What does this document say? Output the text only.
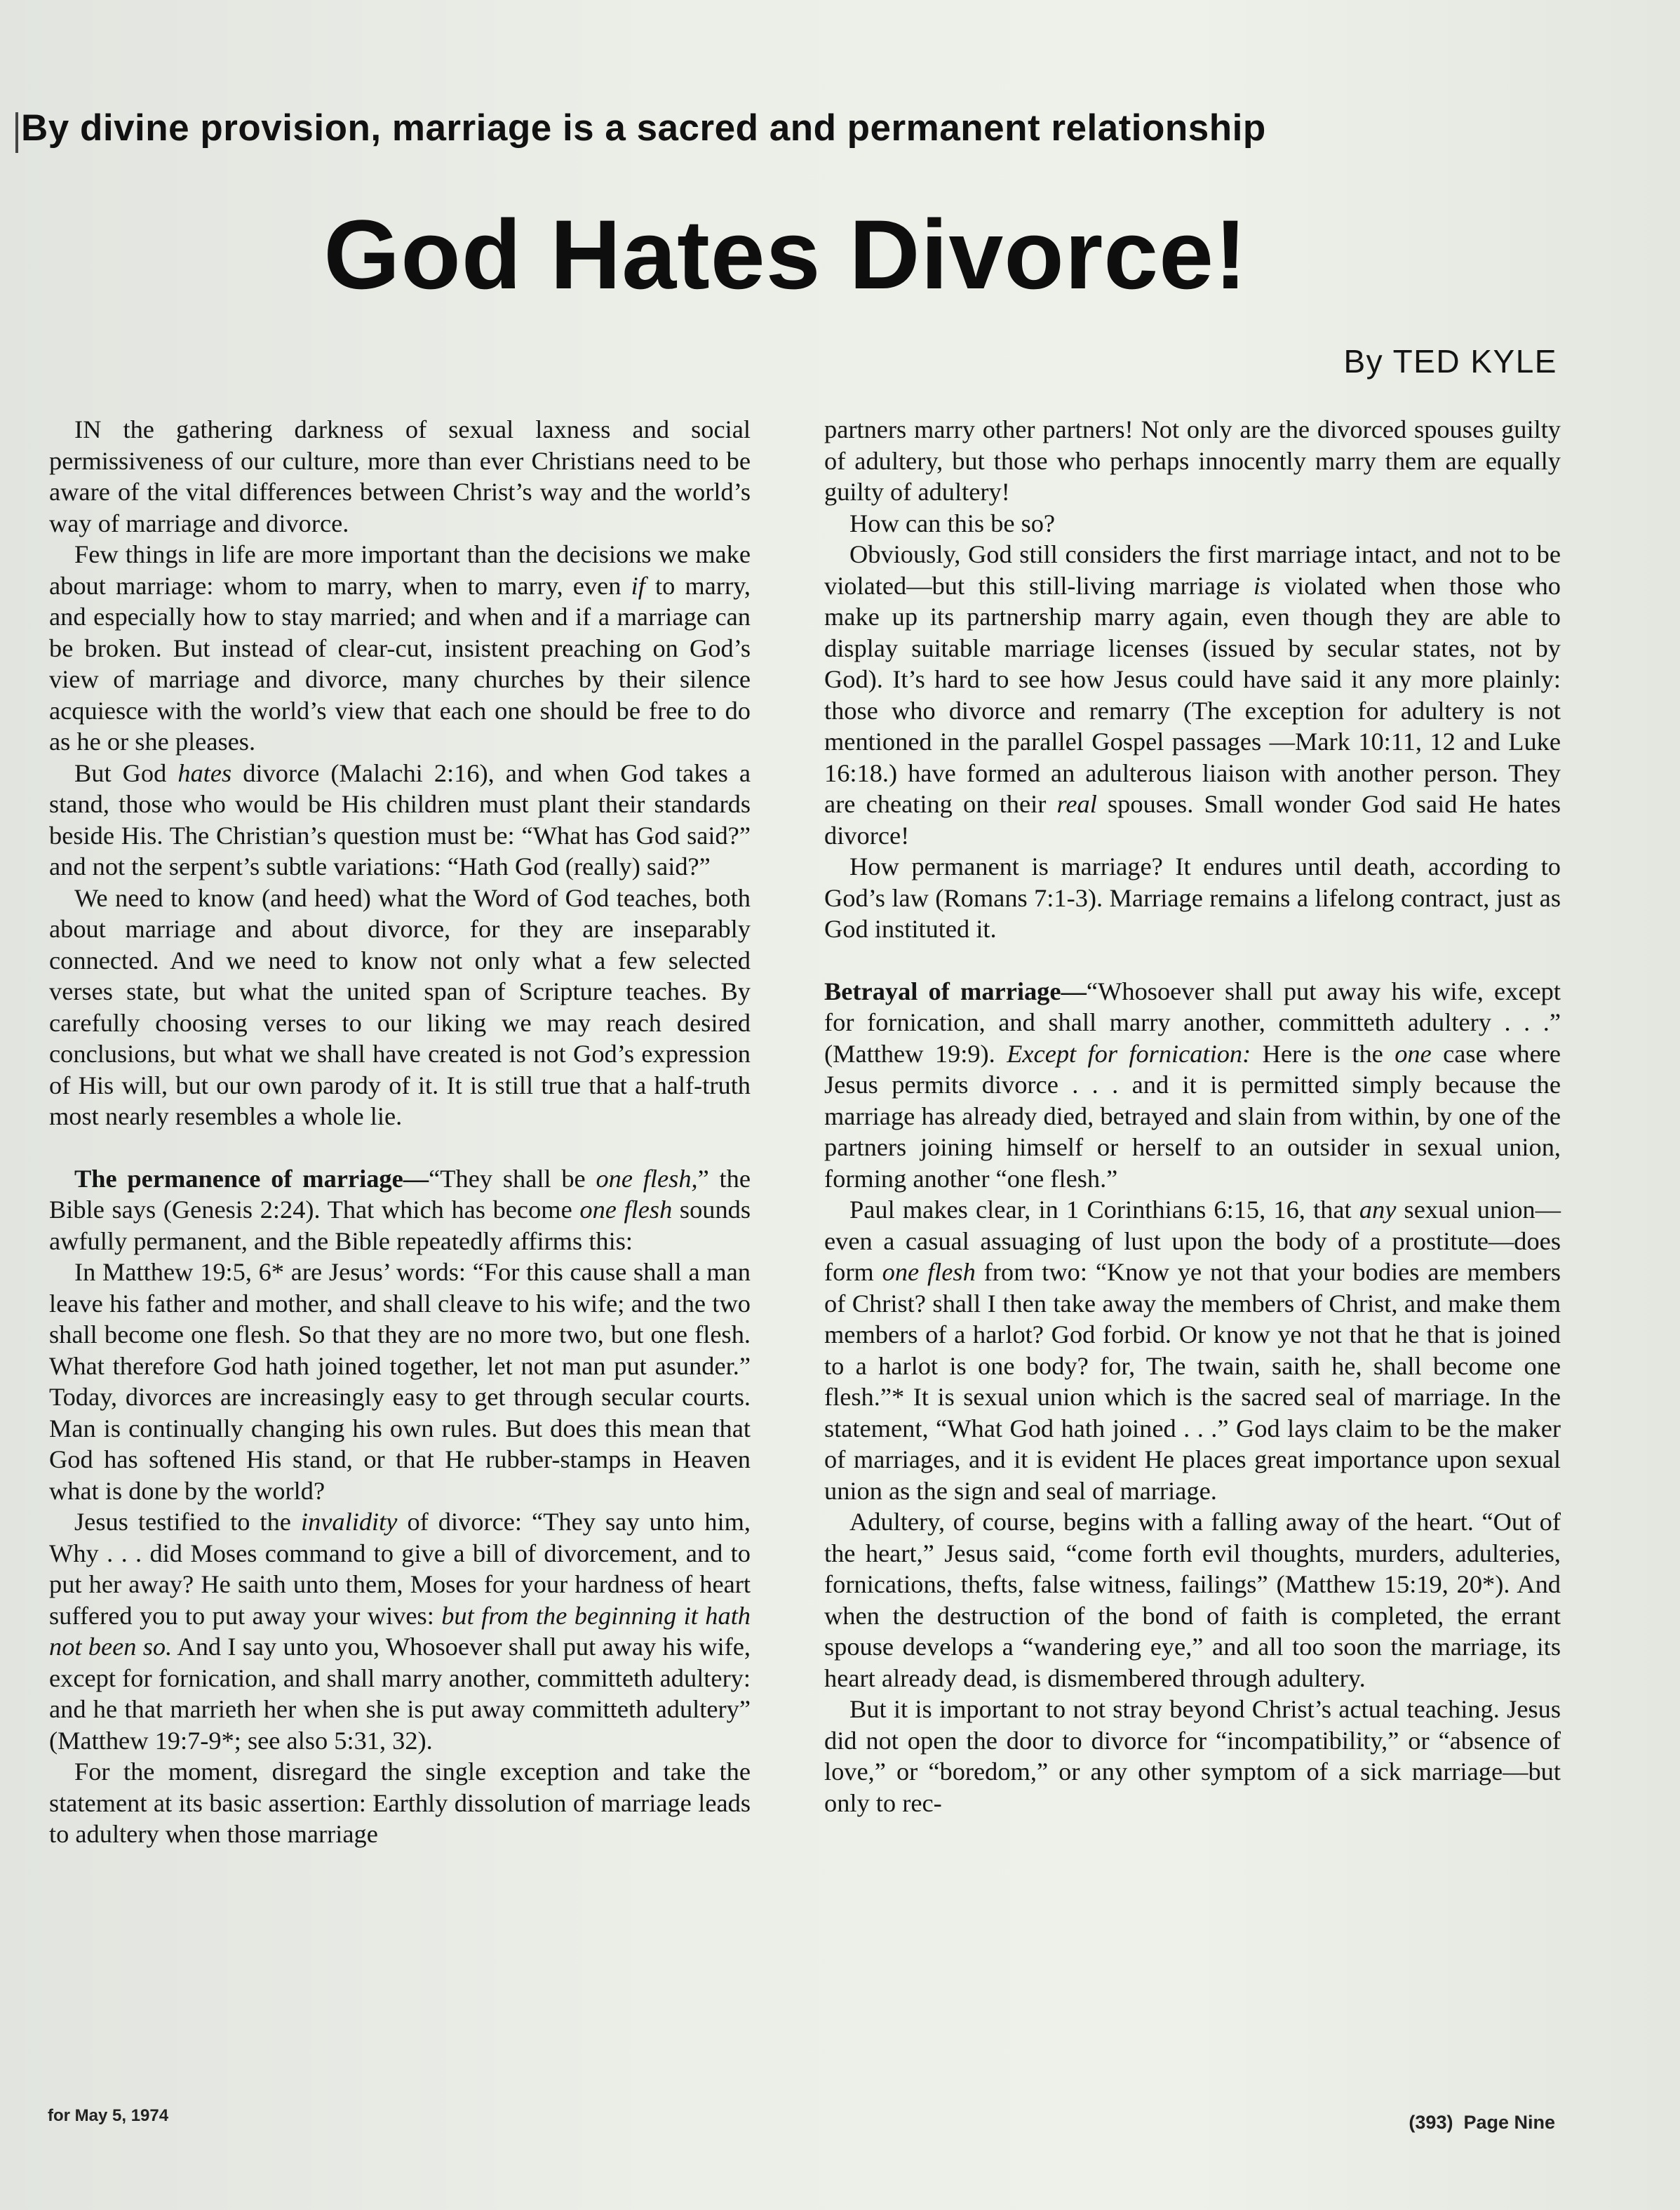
By divine provision, marriage is a sacred and permanent relationship
God Hates Divorce!
By TED KYLE

IN the gathering darkness of sexual laxness and social permissiveness of our culture, more than ever Christians need to be aware of the vital differences between Christ’s way and the world’s way of marriage and divorce.

Few things in life are more important than the decisions we make about marriage: whom to marry, when to marry, even if to marry, and especially how to stay married; and when and if a marriage can be broken. But instead of clear-cut, insistent preaching on God’s view of marriage and divorce, many churches by their silence acquiesce with the world’s view that each one should be free to do as he or she pleases.

But God hates divorce (Malachi 2:16), and when God takes a stand, those who would be His children must plant their standards beside His. The Christian’s question must be: “What has God said?” and not the serpent’s subtle variations: “Hath God (really) said?”

We need to know (and heed) what the Word of God teaches, both about marriage and about divorce, for they are inseparably connected. And we need to know not only what a few selected verses state, but what the united span of Scripture teaches. By carefully choosing verses to our liking we may reach desired conclusions, but what we shall have created is not God’s expression of His will, but our own parody of it. It is still true that a half-truth most nearly resembles a whole lie.

The permanence of marriage—“They shall be one flesh,” the Bible says (Genesis 2:24). That which has become one flesh sounds awfully permanent, and the Bible repeatedly affirms this:

In Matthew 19:5, 6* are Jesus’ words: “For this cause shall a man leave his father and mother, and shall cleave to his wife; and the two shall become one flesh. So that they are no more two, but one flesh. What therefore God hath joined together, let not man put asunder.” Today, divorces are increasingly easy to get through secular courts. Man is continually changing his own rules. But does this mean that God has softened His stand, or that He rubber-stamps in Heaven what is done by the world?

Jesus testified to the invalidity of divorce: “They say unto him, Why . . . did Moses command to give a bill of divorcement, and to put her away? He saith unto them, Moses for your hardness of heart suffered you to put away your wives: but from the beginning it hath not been so. And I say unto you, Whosoever shall put away his wife, except for fornication, and shall marry another, committeth adultery: and he that marrieth her when she is put away committeth adultery” (Matthew 19:7-9*; see also 5:31, 32).

For the moment, disregard the single exception and take the statement at its basic assertion: Earthly dissolution of marriage leads to adultery when those marriage

partners marry other partners! Not only are the divorced spouses guilty of adultery, but those who perhaps innocently marry them are equally guilty of adultery!

How can this be so?

Obviously, God still considers the first marriage intact, and not to be violated—but this still-living marriage is violated when those who make up its partnership marry again, even though they are able to display suitable marriage licenses (issued by secular states, not by God). It’s hard to see how Jesus could have said it any more plainly: those who divorce and remarry (The exception for adultery is not mentioned in the parallel Gospel passages —Mark 10:11, 12 and Luke 16:18.) have formed an adulterous liaison with another person. They are cheating on their real spouses. Small wonder God said He hates divorce!

How permanent is marriage? It endures until death, according to God’s law (Romans 7:1-3). Marriage remains a lifelong contract, just as God instituted it.

Betrayal of marriage—“Whosoever shall put away his wife, except for fornication, and shall marry another, committeth adultery . . .” (Matthew 19:9). Except for fornication: Here is the one case where Jesus permits divorce . . . and it is permitted simply because the marriage has already died, betrayed and slain from within, by one of the partners joining himself or herself to an outsider in sexual union, forming another “one flesh.”

Paul makes clear, in 1 Corinthians 6:15, 16, that any sexual union—even a casual assuaging of lust upon the body of a prostitute—does form one flesh from two: “Know ye not that your bodies are members of Christ? shall I then take away the members of Christ, and make them members of a harlot? God forbid. Or know ye not that he that is joined to a harlot is one body? for, The twain, saith he, shall become one flesh.”* It is sexual union which is the sacred seal of marriage. In the statement, “What God hath joined . . .” God lays claim to be the maker of marriages, and it is evident He places great importance upon sexual union as the sign and seal of marriage.

Adultery, of course, begins with a falling away of the heart. “Out of the heart,” Jesus said, “come forth evil thoughts, murders, adulteries, fornications, thefts, false witness, failings” (Matthew 15:19, 20*). And when the destruction of the bond of faith is completed, the errant spouse develops a “wandering eye,” and all too soon the marriage, its heart already dead, is dismembered through adultery.

But it is important to not stray beyond Christ’s actual teaching. Jesus did not open the door to divorce for “incompatibility,” or “absence of love,” or “boredom,” or any other symptom of a sick marriage—but only to rec-

for May 5, 1974	(393)  Page Nine
